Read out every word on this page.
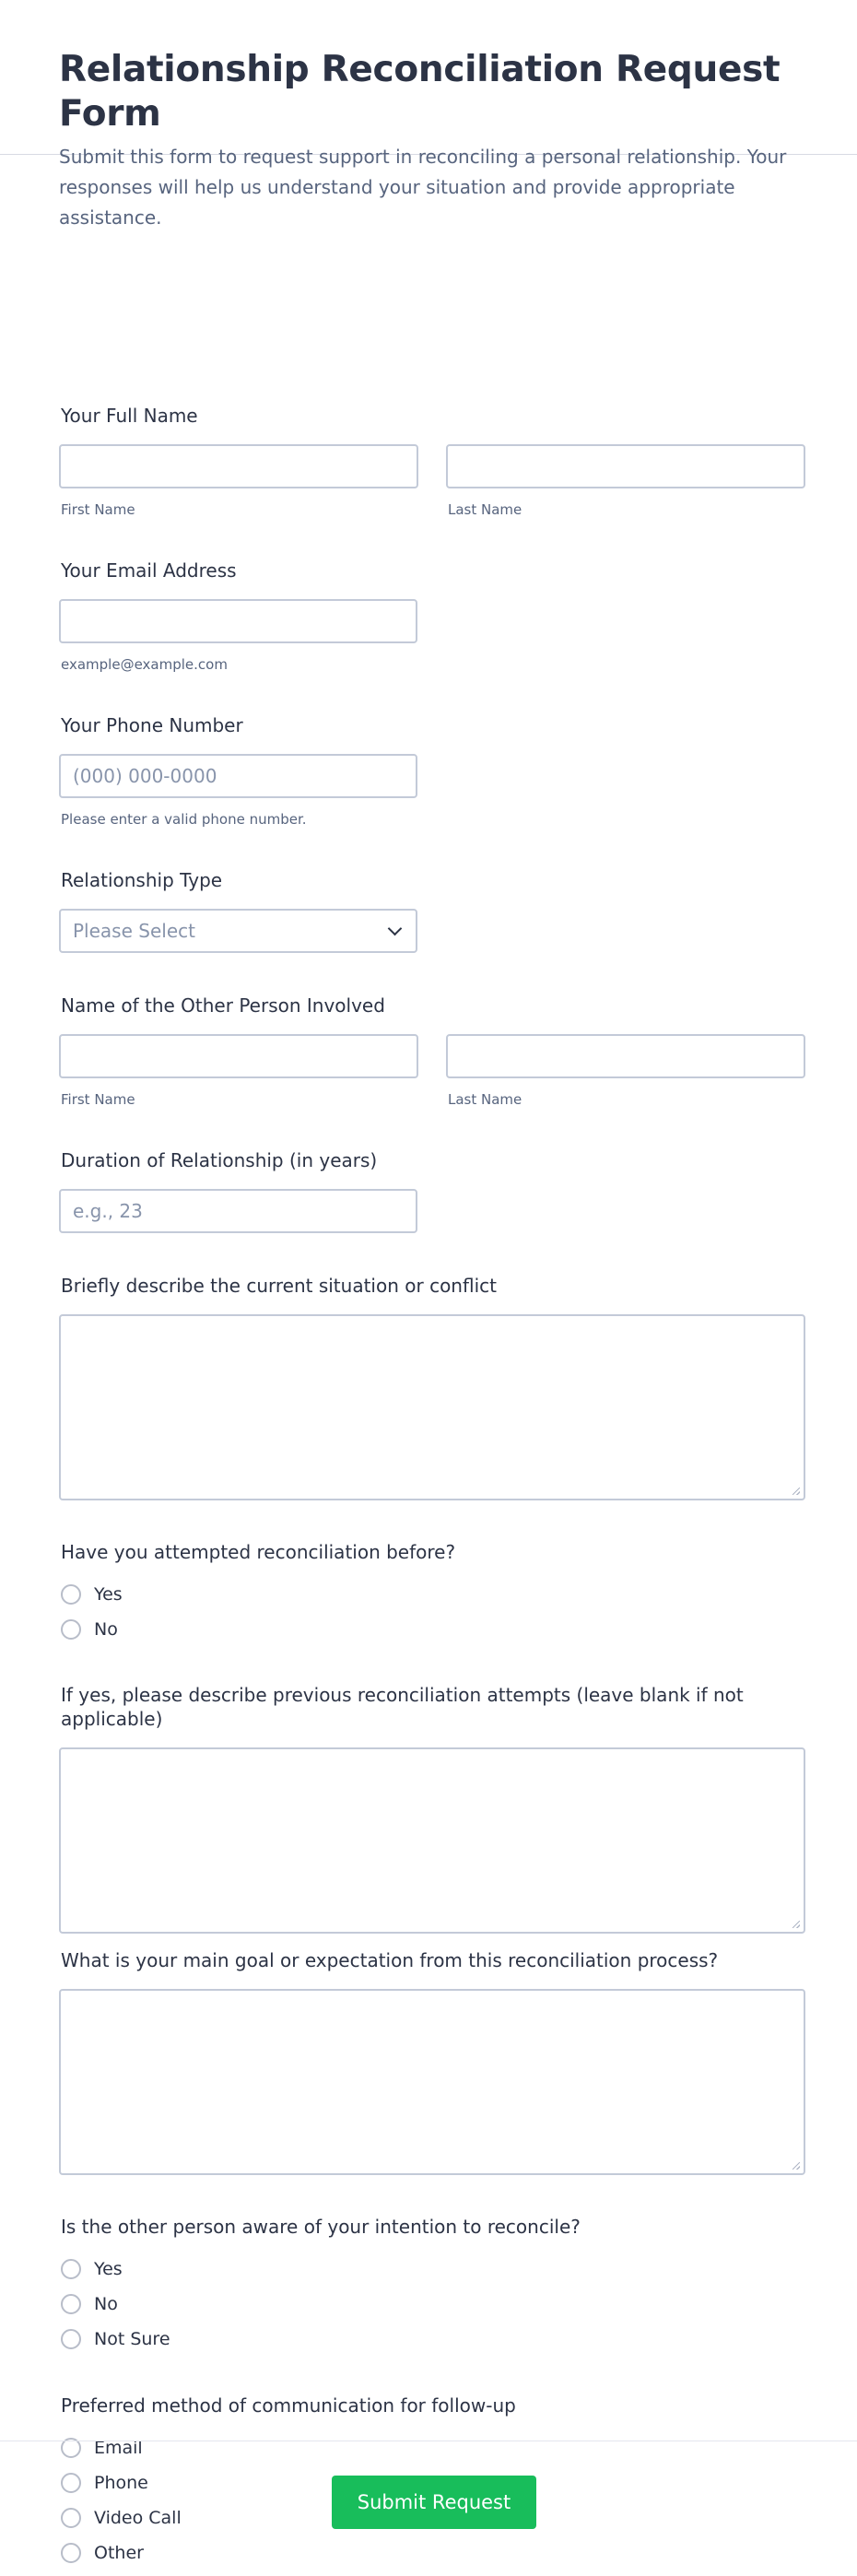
Relationship Reconciliation Request Form
Submit this form to request support in reconciling a personal relationship. Your responses will help us understand your situation and provide appropriate assistance.
Your Full Name
First Name	Last Name
Your Email Address
example@example.com
Your Phone Number
(000) 000-0000
Please enter a valid phone number.
Relationship Type
Please Select
Name of the Other Person Involved
First Name	Last Name
Duration of Relationship (in years)
e.g., 23
Briefly describe the current situation or conflict
Have you attempted reconciliation before?
Yes
No
If yes, please describe previous reconciliation attempts (leave blank if not applicable)
What is your main goal or expectation from this reconciliation process?
Is the other person aware of your intention to reconcile?
Yes
No
Not Sure
Preferred method of communication for follow-up
Email
Phone
Video Call
Other
Submit Request
